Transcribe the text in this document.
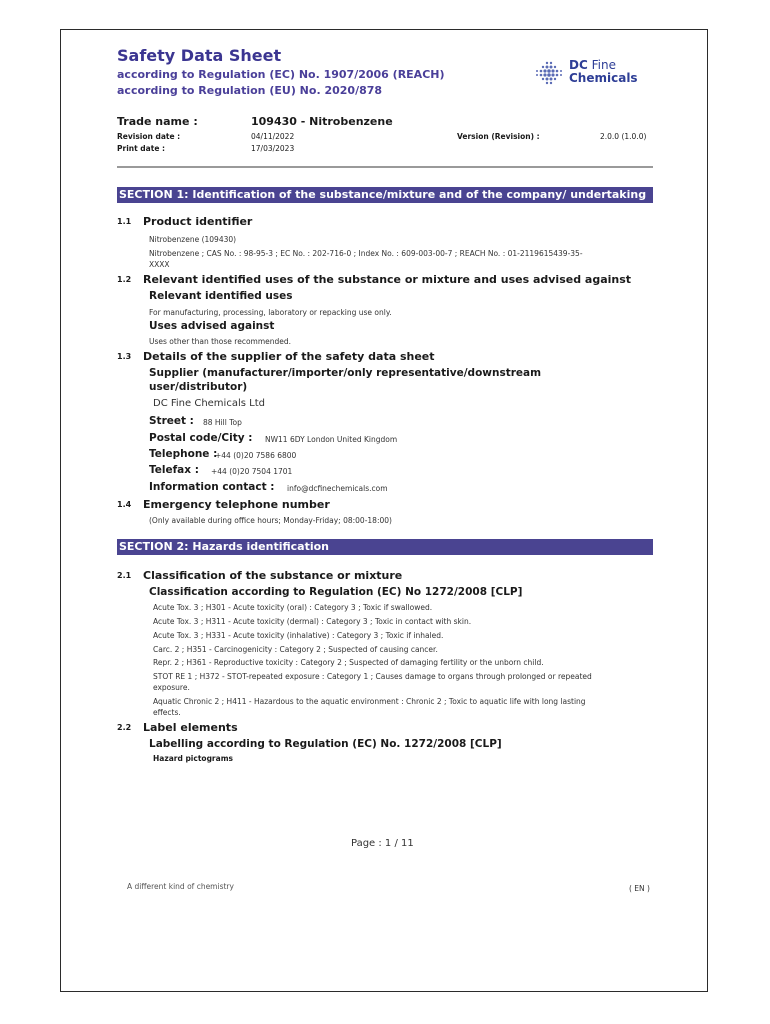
Safety Data Sheet
according to Regulation (EC) No. 1907/2006 (REACH)
according to Regulation (EU) No. 2020/878
DC Fine
Chemicals
Trade name :	109430 - Nitrobenzene
Revision date :	04/11/2022
Print date :	17/03/2023
Version (Revision) :	2.0.0 (1.0.0)
SECTION 1: Identification of the substance/mixture and of the company/ undertaking
1.1 Product identifier
Nitrobenzene (109430)
Nitrobenzene ; CAS No. : 98-95-3 ; EC No. : 202-716-0 ; Index No. : 609-003-00-7 ; REACH No. : 01-2119615439-35-
XXXX
1.2 Relevant identified uses of the substance or mixture and uses advised against
Relevant identified uses
For manufacturing, processing, laboratory or repacking use only.
Uses advised against
Uses other than those recommended.
1.3 Details of the supplier of the safety data sheet
Supplier (manufacturer/importer/only representative/downstream
user/distributor)
DC Fine Chemicals Ltd
Street : 88 Hill Top
Postal code/City : NW11 6DY London United Kingdom
Telephone :
+44 (0)20 7586 6800
Telefax : +44 (0)20 7504 1701
Information contact : info@dcfinechemicals.com
1.4 Emergency telephone number
(Only available during office hours; Monday-Friday; 08:00-18:00)
SECTION 2: Hazards identification
2.1 Classification of the substance or mixture
Classification according to Regulation (EC) No 1272/2008 [CLP]
Acute Tox. 3 ; H301 - Acute toxicity (oral) : Category 3 ; Toxic if swallowed.
Acute Tox. 3 ; H311 - Acute toxicity (dermal) : Category 3 ; Toxic in contact with skin.
Acute Tox. 3 ; H331 - Acute toxicity (inhalative) : Category 3 ; Toxic if inhaled.
Carc. 2 ; H351 - Carcinogenicity : Category 2 ; Suspected of causing cancer.
Repr. 2 ; H361 - Reproductive toxicity : Category 2 ; Suspected of damaging fertility or the unborn child.
STOT RE 1 ; H372 - STOT-repeated exposure : Category 1 ; Causes damage to organs through prolonged or repeated
exposure.
Aquatic Chronic 2 ; H411 - Hazardous to the aquatic environment : Chronic 2 ; Toxic to aquatic life with long lasting
effects.
2.2 Label elements
Labelling according to Regulation (EC) No. 1272/2008 [CLP]
Hazard pictograms
Page : 1 / 11
A different kind of chemistry	( EN )
